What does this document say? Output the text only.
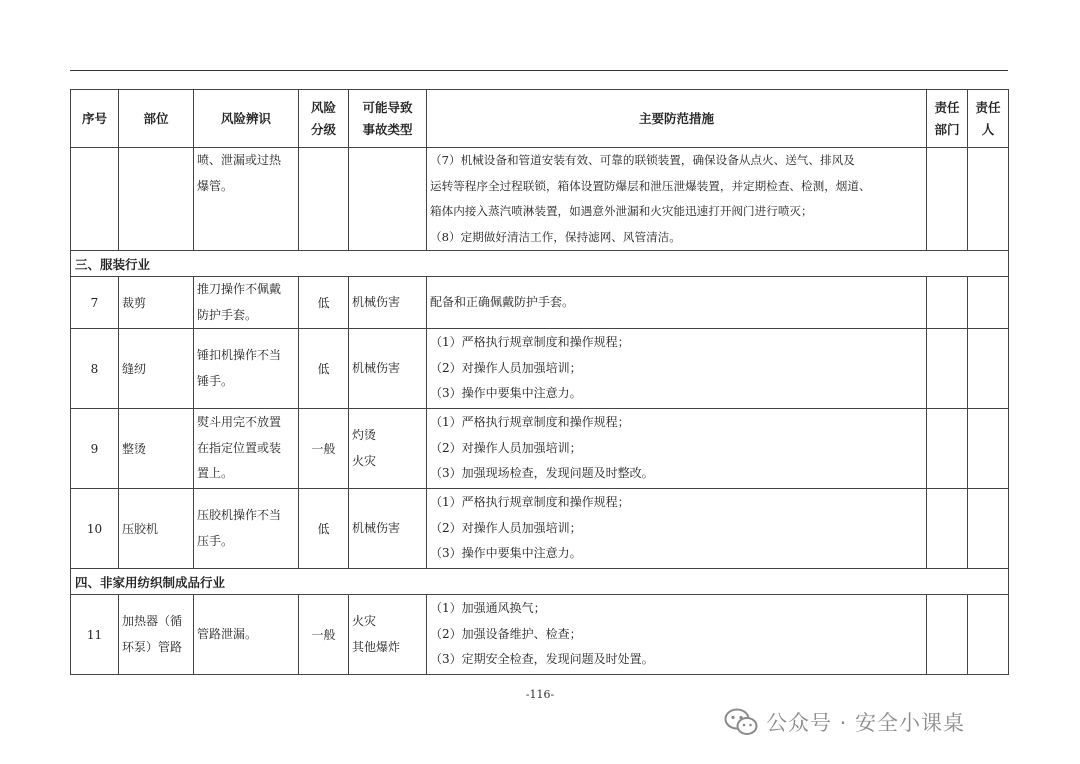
序号	部位	风险辨识	风险
分级	可能导致
事故类型	主要防范措施	责任
部门	责任
人

		喷、泄漏或过热
爆管。			（7）机械设备和管道安装有效、可靠的联锁装置，确保设备从点火、送气、排风及
运转等程序全过程联锁，箱体设置防爆层和泄压泄爆装置，并定期检查、检测，烟道、
箱体内接入蒸汽喷淋装置，如遇意外泄漏和火灾能迅速打开阀门进行喷灭；
（8）定期做好清洁工作，保持滤网、风管清洁。		

三、服装行业							
7	裁剪	推刀操作不佩戴
防护手套。	低	机械伤害	配备和正确佩戴防护手套。		

8	缝纫	锤扣机操作不当
锤手。	低	机械伤害	（1）严格执行规章制度和操作规程；
（2）对操作人员加强培训；
（3）操作中要集中注意力。		

9	整烫	熨斗用完不放置
在指定位置或装
置上。	一般	灼烫
火灾	（1）严格执行规章制度和操作规程；
（2）对操作人员加强培训；
（3）加强现场检查，发现问题及时整改。		

10	压胶机	压胶机操作不当
压手。	低	机械伤害	（1）严格执行规章制度和操作规程；
（2）对操作人员加强培训；
（3）操作中要集中注意力。		

四、非家用纺织制成品行业							
11	加热器（循
环泵）管路	管路泄漏。	一般	火灾
其他爆炸	（1）加强通风换气；
（2）加强设备维护、检查；
（3）定期安全检查，发现问题及时处置。		

-116-
公众号 · 安全小课桌
